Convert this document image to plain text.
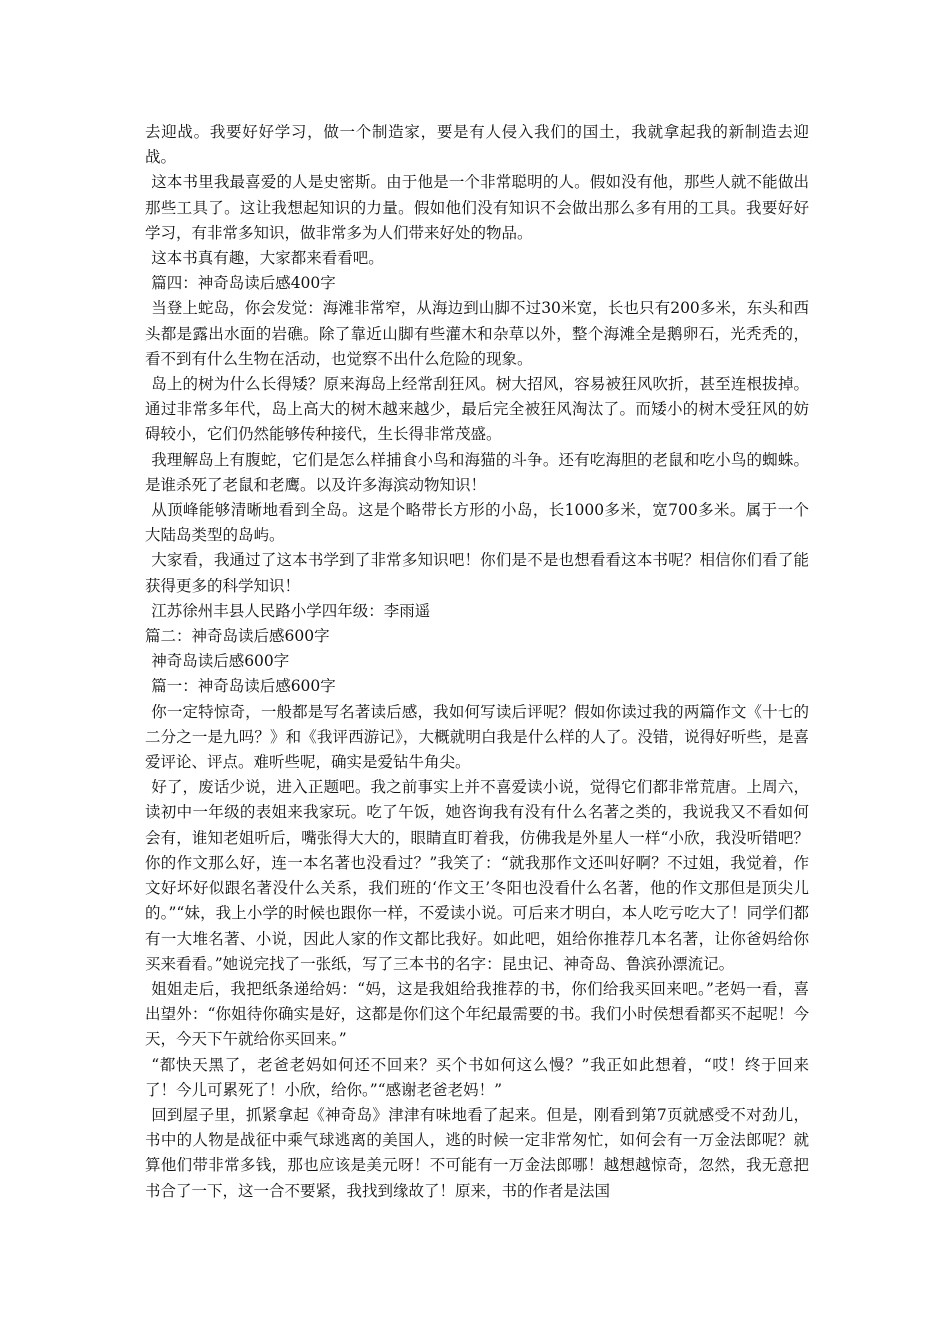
去迎战。我要好好学习，做一个制造家，要是有人侵入我们的国土，我就拿起我的新制造去迎战。

这本书里我最喜爱的人是史密斯。由于他是一个非常聪明的人。假如没有他，那些人就不能做出那些工具了。这让我想起知识的力量。假如他们没有知识不会做出那么多有用的工具。我要好好学习，有非常多知识，做非常多为人们带来好处的物品。

这本书真有趣，大家都来看看吧。

篇四：神奇岛读后感400字

当登上蛇岛，你会发觉：海滩非常窄，从海边到山脚不过30米宽，长也只有200多米，东头和西头都是露出水面的岩礁。除了靠近山脚有些灌木和杂草以外，整个海滩全是鹅卵石，光秃秃的，看不到有什么生物在活动，也觉察不出什么危险的现象。

岛上的树为什么长得矮？原来海岛上经常刮狂风。树大招风，容易被狂风吹折，甚至连根拔掉。通过非常多年代，岛上高大的树木越来越少，最后完全被狂风淘汰了。而矮小的树木受狂风的妨碍较小，它们仍然能够传种接代，生长得非常茂盛。

我理解岛上有腹蛇，它们是怎么样捕食小鸟和海猫的斗争。还有吃海胆的老鼠和吃小鸟的蜘蛛。是谁杀死了老鼠和老鹰。以及许多海滨动物知识！

从顶峰能够清晰地看到全岛。这是个略带长方形的小岛，长1000多米，宽700多米。属于一个大陆岛类型的岛屿。

大家看，我通过了这本书学到了非常多知识吧！你们是不是也想看看这本书呢？相信你们看了能获得更多的科学知识！

江苏徐州丰县人民路小学四年级：李雨遥

篇二：神奇岛读后感600字

神奇岛读后感600字

篇一：神奇岛读后感600字

你一定特惊奇，一般都是写名著读后感，我如何写读后评呢？假如你读过我的两篇作文《十七的二分之一是九吗？》和《我评西游记》，大概就明白我是什么样的人了。没错，说得好听些，是喜爱评论、评点。难听些呢，确实是爱钻牛角尖。

好了，废话少说，进入正题吧。我之前事实上并不喜爱读小说，觉得它们都非常荒唐。上周六，读初中一年级的表姐来我家玩。吃了午饭，她咨询我有没有什么名著之类的，我说我又不看如何会有，谁知老姐听后，嘴张得大大的，眼睛直盯着我，仿佛我是外星人一样“小欣，我没听错吧？你的作文那么好，连一本名著也没看过？”我笑了：“就我那作文还叫好啊？不过姐，我觉着，作文好坏好似跟名著没什么关系，我们班的‘作文王’冬阳也没看什么名著，他的作文那但是顶尖儿的。”“妹，我上小学的时候也跟你一样，不爱读小说。可后来才明白，本人吃亏吃大了！同学们都有一大堆名著、小说，因此人家的作文都比我好。如此吧，姐给你推荐几本名著，让你爸妈给你买来看看。”她说完找了一张纸，写了三本书的名字：昆虫记、神奇岛、鲁滨孙漂流记。

姐姐走后，我把纸条递给妈：“妈，这是我姐给我推荐的书，你们给我买回来吧。”老妈一看，喜出望外：“你姐待你确实是好，这都是你们这个年纪最需要的书。我们小时侯想看都买不起呢！今天，今天下午就给你买回来。”

“都快天黑了，老爸老妈如何还不回来？买个书如何这么慢？”我正如此想着，“哎！终于回来了！今儿可累死了！小欣，给你。”“感谢老爸老妈！”

回到屋子里，抓紧拿起《神奇岛》津津有味地看了起来。但是，刚看到第7页就感受不对劲儿，书中的人物是战征中乘气球逃离的美国人，逃的时候一定非常匆忙，如何会有一万金法郎呢？就算他们带非常多钱，那也应该是美元呀！不可能有一万金法郎哪！越想越惊奇，忽然，我无意把书合了一下，这一合不要紧，我找到缘故了！原来，书的作者是法国
